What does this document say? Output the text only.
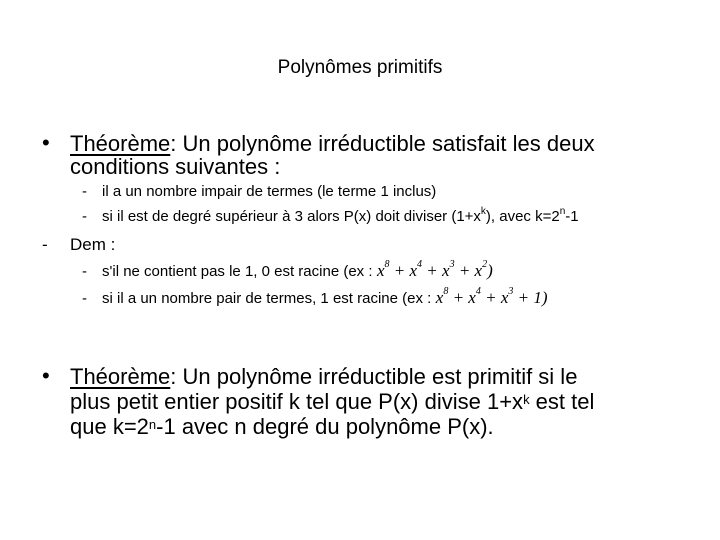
Polynômes primitifs
• Théorème: Un polynôme irréductible satisfait les deux
conditions suivantes :
- il a un nombre impair de termes (le terme 1 inclus)
- si il est de degré supérieur à 3 alors P(x) doit diviser $(1+x^k)$, avec $k=2^n-1$
- Dem :
- s'il ne contient pas le 1, 0 est racine (ex : $x^8 + x^4 + x^3 + x^2$)
- si il a un nombre pair de termes, 1 est racine (ex : $x^8 + x^4 + x^3 + 1$)
• Théorème: Un polynôme irréductible est primitif si le
plus petit entier positif k tel que P(x) divise $1+x^k$ est tel
que $k=2^n-1$ avec n degré du polynôme P(x).
